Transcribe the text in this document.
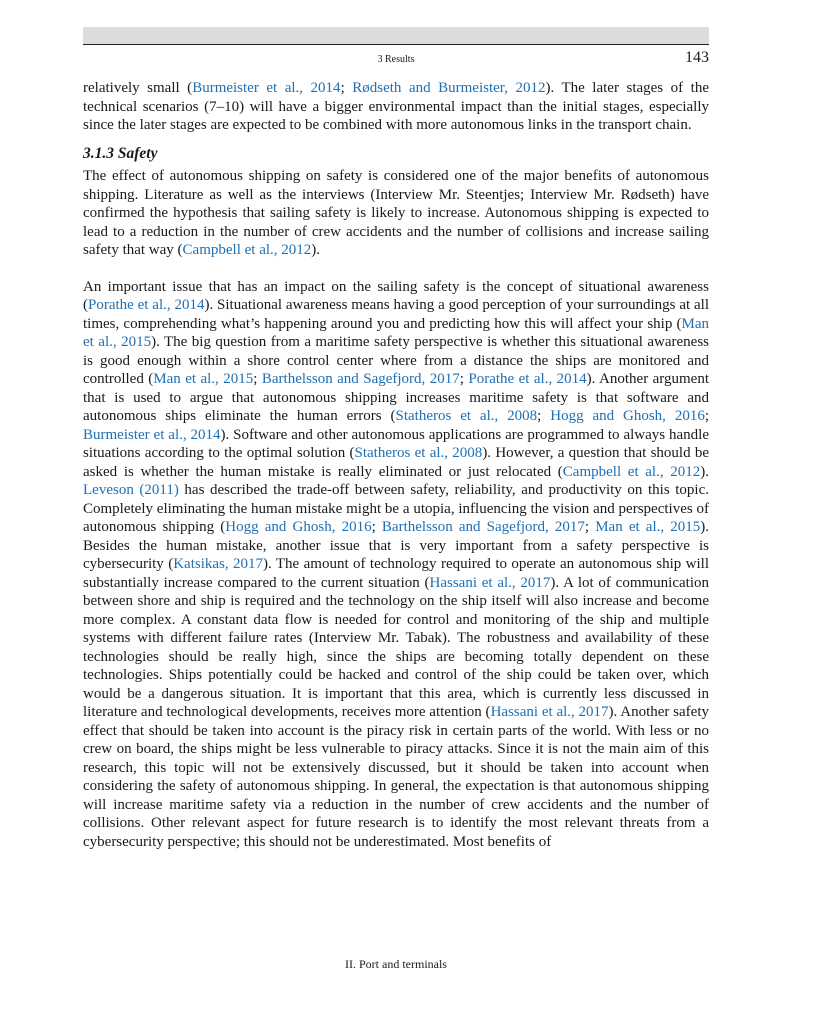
3 Results	143

relatively small (Burmeister et al., 2014; Rødseth and Burmeister, 2012). The later stages of the technical scenarios (7–10) will have a bigger environmental impact than the initial stages, especially since the later stages are expected to be combined with more autonomous links in the transport chain.

3.1.3 Safety

The effect of autonomous shipping on safety is considered one of the major benefits of autonomous shipping. Literature as well as the interviews (Interview Mr. Steentjes; Interview Mr. Rødseth) have confirmed the hypothesis that sailing safety is likely to increase. Autonomous shipping is expected to lead to a reduction in the number of crew accidents and the number of collisions and increase sailing safety that way (Campbell et al., 2012).

An important issue that has an impact on the sailing safety is the concept of situational awareness (Porathe et al., 2014). Situational awareness means having a good perception of your surroundings at all times, comprehending what’s happening around you and predicting how this will affect your ship (Man et al., 2015). The big question from a maritime safety perspective is whether this situational awareness is good enough within a shore control center where from a distance the ships are monitored and controlled (Man et al., 2015; Barthelsson and Sagefjord, 2017; Porathe et al., 2014). Another argument that is used to argue that autonomous shipping increases maritime safety is that software and autonomous ships eliminate the human errors (Statheros et al., 2008; Hogg and Ghosh, 2016; Burmeister et al., 2014). Software and other autonomous applications are programmed to always handle situations according to the optimal solution (Statheros et al., 2008). However, a question that should be asked is whether the human mistake is really eliminated or just relocated (Campbell et al., 2012). Leveson (2011) has described the trade-off between safety, reliability, and productivity on this topic. Completely eliminating the human mistake might be a utopia, influencing the vision and perspectives of autonomous shipping (Hogg and Ghosh, 2016; Barthelsson and Sagefjord, 2017; Man et al., 2015). Besides the human mistake, another issue that is very important from a safety perspective is cybersecurity (Katsikas, 2017). The amount of technology required to operate an autonomous ship will substantially increase compared to the current situation (Hassani et al., 2017). A lot of communication between shore and ship is required and the technology on the ship itself will also increase and become more complex. A constant data flow is needed for control and monitoring of the ship and multiple systems with different failure rates (Interview Mr. Tabak). The robustness and availability of these technologies should be really high, since the ships are becoming totally dependent on these technologies. Ships potentially could be hacked and control of the ship could be taken over, which would be a dangerous situation. It is important that this area, which is currently less discussed in literature and technological developments, receives more attention (Hassani et al., 2017). Another safety effect that should be taken into account is the piracy risk in certain parts of the world. With less or no crew on board, the ships might be less vulnerable to piracy attacks. Since it is not the main aim of this research, this topic will not be extensively discussed, but it should be taken into account when considering the safety of autonomous shipping. In general, the expectation is that autonomous shipping will increase maritime safety via a reduction in the number of crew accidents and the number of collisions. Other relevant aspect for future research is to identify the most relevant threats from a cybersecurity perspective; this should not be underestimated. Most benefits of

II. Port and terminals
